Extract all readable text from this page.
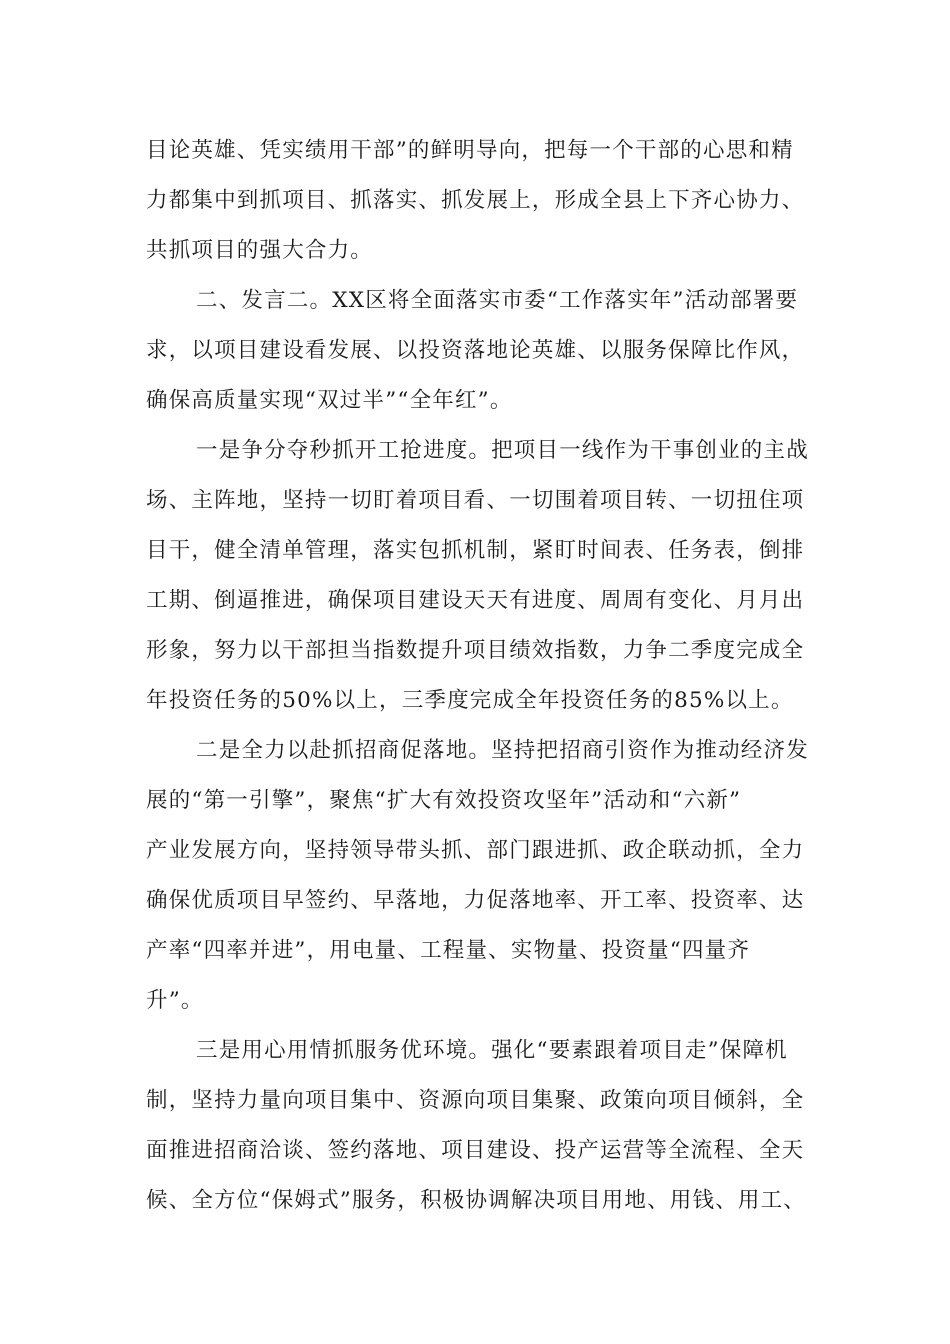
目论英雄、凭实绩用干部”的鲜明导向，把每一个干部的心思和精
力都集中到抓项目、抓落实、抓发展上，形成全县上下齐心协力、
共抓项目的强大合力。
二、发言二。XX区将全面落实市委“工作落实年”活动部署要
求，以项目建设看发展、以投资落地论英雄、以服务保障比作风，
确保高质量实现“双过半”“全年红”。
一是争分夺秒抓开工抢进度。把项目一线作为干事创业的主战
场、主阵地，坚持一切盯着项目看、一切围着项目转、一切扭住项
目干，健全清单管理，落实包抓机制，紧盯时间表、任务表，倒排
工期、倒逼推进，确保项目建设天天有进度、周周有变化、月月出
形象，努力以干部担当指数提升项目绩效指数，力争二季度完成全
年投资任务的50%以上，三季度完成全年投资任务的85%以上。
二是全力以赴抓招商促落地。坚持把招商引资作为推动经济发
展的“第一引擎”，聚焦“扩大有效投资攻坚年”活动和“六新”
产业发展方向，坚持领导带头抓、部门跟进抓、政企联动抓，全力
确保优质项目早签约、早落地，力促落地率、开工率、投资率、达
产率“四率并进”，用电量、工程量、实物量、投资量“四量齐
升”。
三是用心用情抓服务优环境。强化“要素跟着项目走”保障机
制，坚持力量向项目集中、资源向项目集聚、政策向项目倾斜，全
面推进招商洽谈、签约落地、项目建设、投产运营等全流程、全天
候、全方位“保姆式”服务，积极协调解决项目用地、用钱、用工、
